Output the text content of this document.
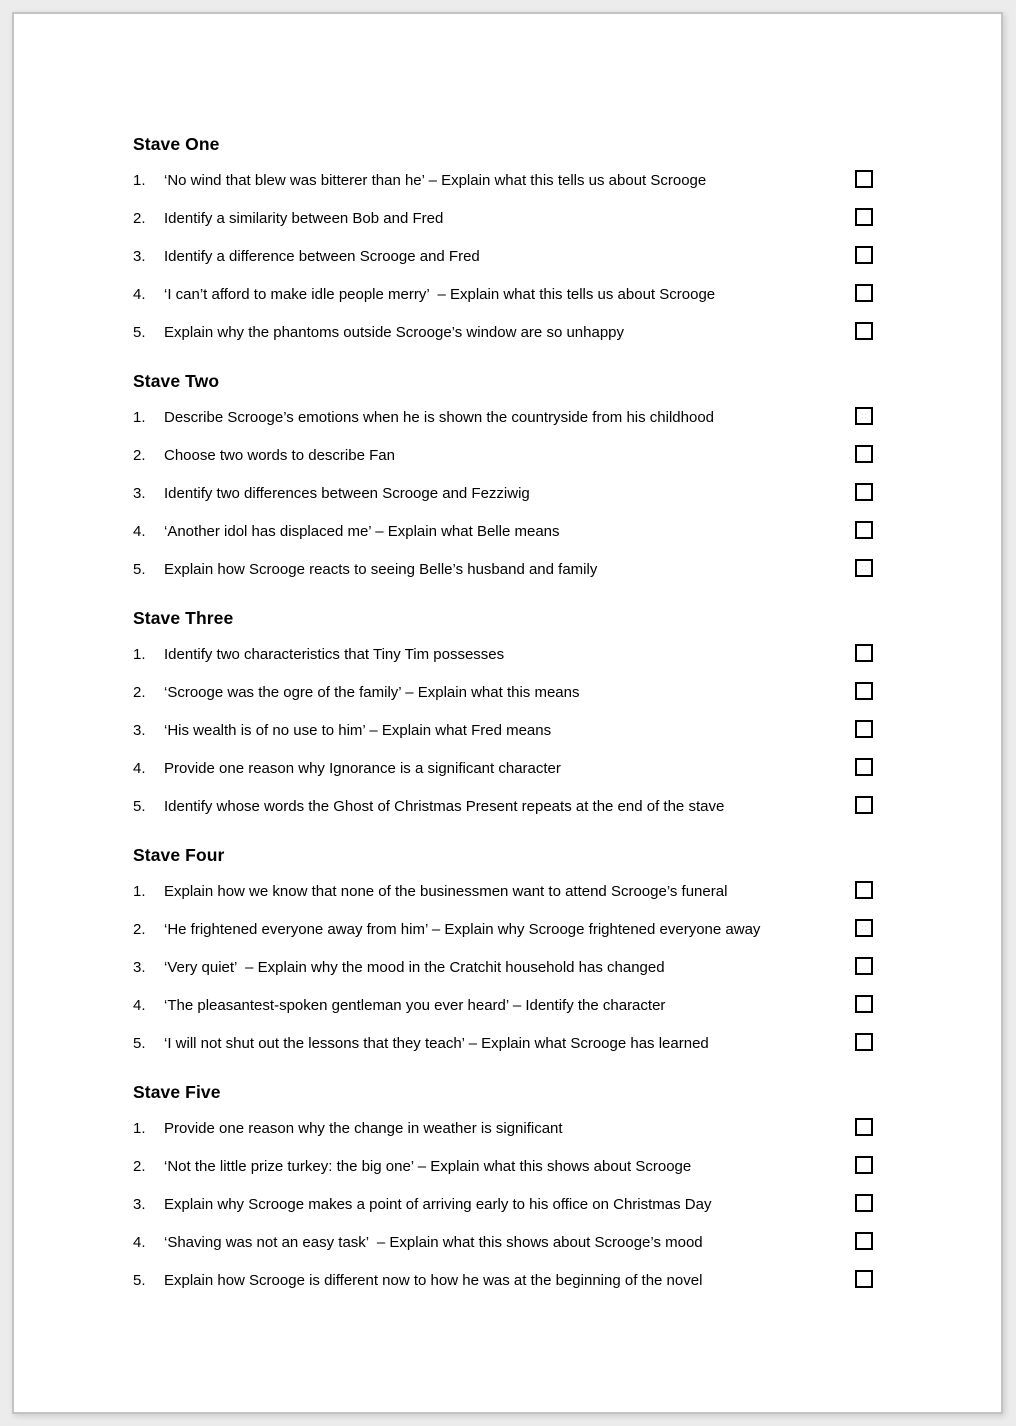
Stave One
1.	‘No wind that blew was bitterer than he’ – Explain what this tells us about Scrooge
2.	Identify a similarity between Bob and Fred
3.	Identify a difference between Scrooge and Fred
4.	‘I can’t afford to make idle people merry’  – Explain what this tells us about Scrooge
5.	Explain why the phantoms outside Scrooge’s window are so unhappy
Stave Two
1.	Describe Scrooge’s emotions when he is shown the countryside from his childhood
2.	Choose two words to describe Fan
3.	Identify two differences between Scrooge and Fezziwig
4.	‘Another idol has displaced me’ – Explain what Belle means
5.	Explain how Scrooge reacts to seeing Belle’s husband and family
Stave Three
1.	Identify two characteristics that Tiny Tim possesses
2.	‘Scrooge was the ogre of the family’ – Explain what this means
3.	‘His wealth is of no use to him’ – Explain what Fred means
4.	Provide one reason why Ignorance is a significant character
5.	Identify whose words the Ghost of Christmas Present repeats at the end of the stave
Stave Four
1.	Explain how we know that none of the businessmen want to attend Scrooge’s funeral
2.	‘He frightened everyone away from him’ – Explain why Scrooge frightened everyone away
3.	‘Very quiet’  – Explain why the mood in the Cratchit household has changed
4.	‘The pleasantest-spoken gentleman you ever heard’ – Identify the character
5.	‘I will not shut out the lessons that they teach’ – Explain what Scrooge has learned
Stave Five
1.	Provide one reason why the change in weather is significant
2.	‘Not the little prize turkey: the big one’ – Explain what this shows about Scrooge
3.	Explain why Scrooge makes a point of arriving early to his office on Christmas Day
4.	‘Shaving was not an easy task’  – Explain what this shows about Scrooge’s mood
5.	Explain how Scrooge is different now to how he was at the beginning of the novel
